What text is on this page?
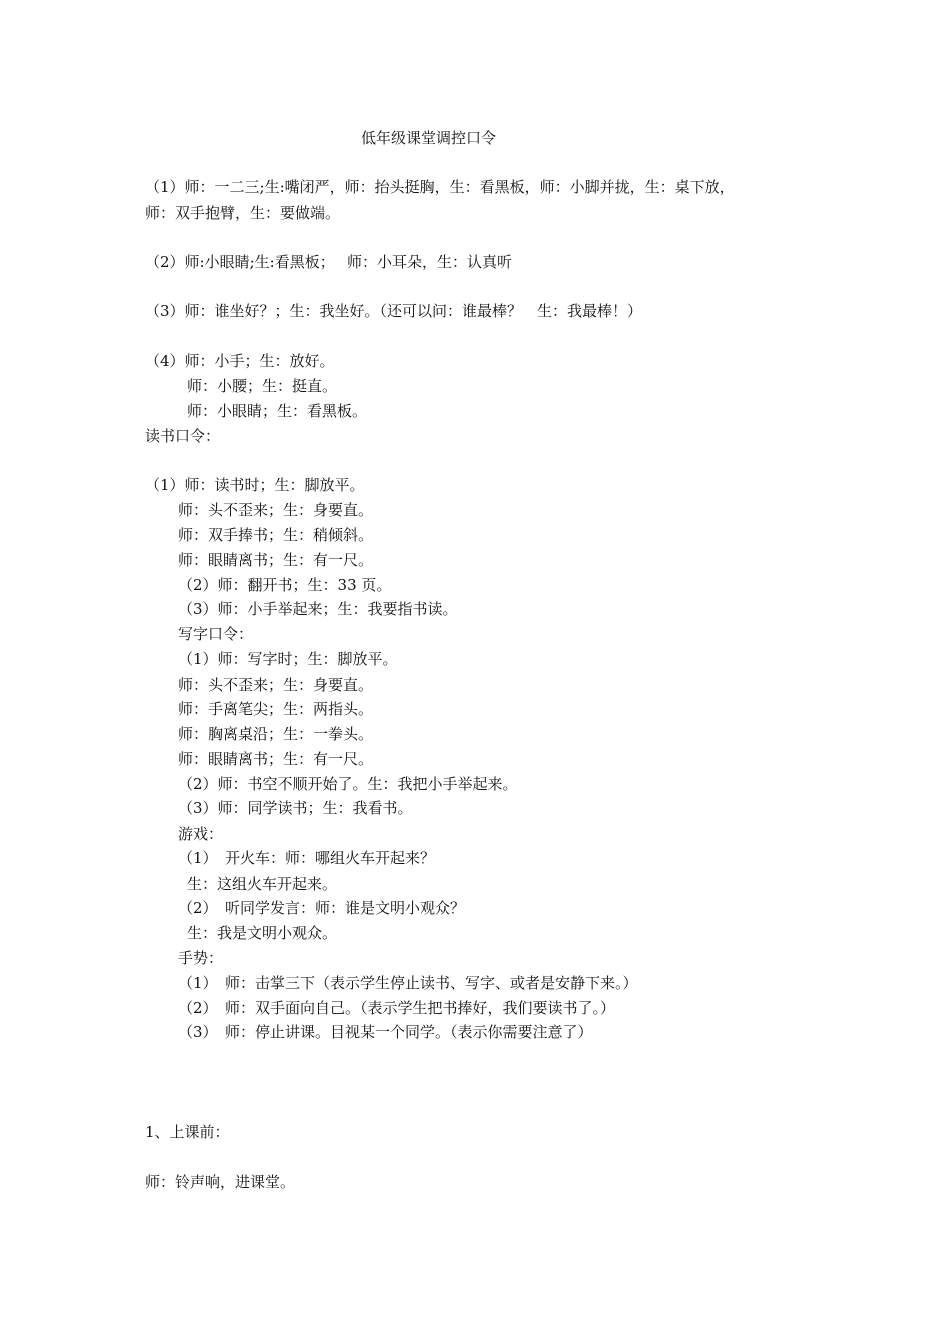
低年级课堂调控口令
（1）师：一二三;生:嘴闭严，师：抬头挺胸，生：看黑板，师：小脚并拢，生：桌下放，
师：双手抱臂，生：要做端。
（2）师:小眼睛;生:看黑板；　 师：小耳朵，生：认真听
（3）师：谁坐好？；生：我坐好。（还可以问：谁最棒？　生：我最棒！）
（4）师：小手；生：放好。
师：小腰；生：挺直。
师：小眼睛；生：看黑板。
读书口令：
（1）师：读书时；生：脚放平。
师：头不歪来；生：身要直。
师：双手捧书；生：稍倾斜。
师：眼睛离书；生：有一尺。
（2）师：翻开书；生：33 页。
（3）师：小手举起来；生：我要指书读。
写字口令：
（1）师：写字时；生：脚放平。
师：头不歪来；生：身要直。
师：手离笔尖；生：两指头。
师：胸离桌沿；生：一拳头。
师：眼睛离书；生：有一尺。
（2）师：书空不顺开始了。生：我把小手举起来。
（3）师：同学读书；生：我看书。
游戏：
（1）　开火车：师：哪组火车开起来？
生：这组火车开起来。
（2）　听同学发言：师：谁是文明小观众？
生：我是文明小观众。
手势：
（1）　师：击掌三下（表示学生停止读书、写字、或者是安静下来。）
（2）　师：双手面向自己。（表示学生把书捧好，我们要读书了。）
（3）　师：停止讲课。目视某一个同学。（表示你需要注意了）
1、上课前：
师：铃声响，进课堂。
